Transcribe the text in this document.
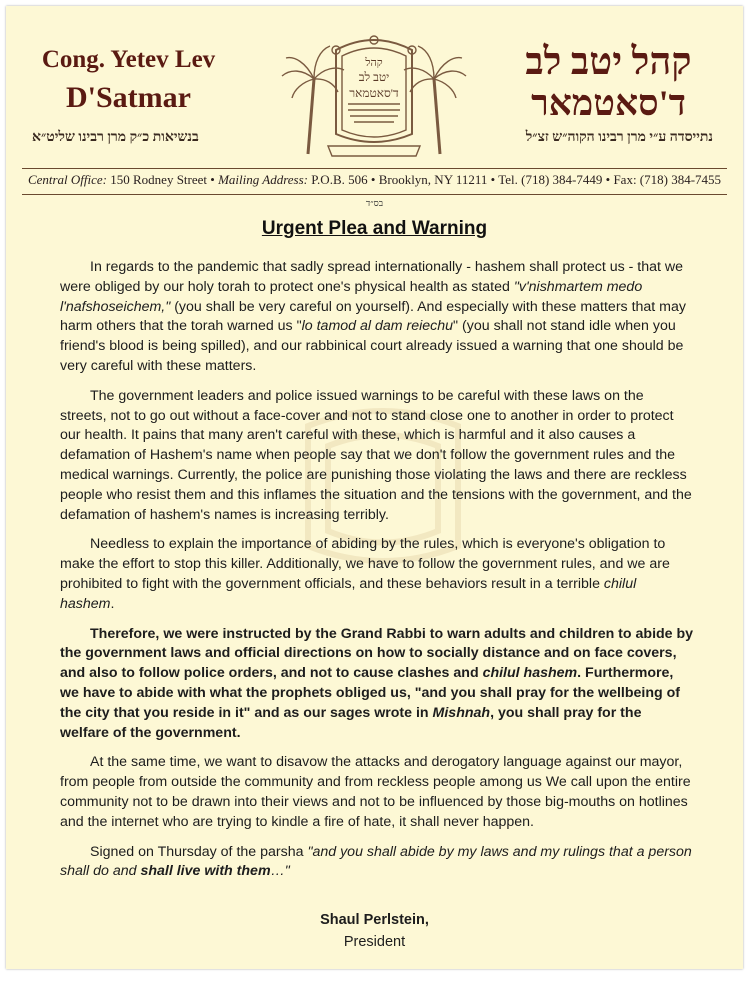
Cong. Yetev Lev
D'Satmar
קהל יטב לב
ד'סאטמאר
בנשיאות כ״ק מרן רבינו שליט״א	נתייסדה ע״י מרן רבינו הקוה״ש זצ״ל
קהל
יטב לב
ד'סאטמאר
Central Office: 150 Rodney Street • Mailing Address: P.O.B. 506 • Brooklyn, NY 11211 • Tel. (718) 384-7449 • Fax: (718) 384-7455
בס״ד
Urgent Plea and Warning

In regards to the pandemic that sadly spread internationally - hashem shall protect us - that we were obliged by our holy torah to protect one's physical health as stated "v'nishmartem medo l'nafshoseichem," (you shall be very careful on yourself). And especially with these matters that may harm others that the torah warned us "lo tamod al dam reiechu" (you shall not stand idle when you friend's blood is being spilled), and our rabbinical court already issued a warning that one should be very careful with these matters.

The government leaders and police issued warnings to be careful with these laws on the streets, not to go out without a face-cover and not to stand close one to another in order to protect our health. It pains that many aren't careful with these, which is harmful and it also causes a defamation of Hashem's name when people say that we don't follow the government rules and the medical warnings. Currently, the police are punishing those violating the laws and there are reckless people who resist them and this inflames the situation and the tensions with the government, and the defamation of hashem's names is increasing terribly.

Needless to explain the importance of abiding by the rules, which is everyone's obligation to make the effort to stop this killer. Additionally, we have to follow the government rules, and we are prohibited to fight with the government officials, and these behaviors result in a terrible chilul hashem.

Therefore, we were instructed by the Grand Rabbi to warn adults and children to abide by the government laws and official directions on how to socially distance and on face covers, and also to follow police orders, and not to cause clashes and chilul hashem. Furthermore, we have to abide with what the prophets obliged us, "and you shall pray for the wellbeing of the city that you reside in it" and as our sages wrote in Mishnah, you shall pray for the welfare of the government.

At the same time, we want to disavow the attacks and derogatory language against our mayor, from people from outside the community and from reckless people among us We call upon the entire community not to be drawn into their views and not to be influenced by those big-mouths on hotlines and the internet who are trying to kindle a fire of hate, it shall never happen.

Signed on Thursday of the parsha "and you shall abide by my laws and my rulings that a person shall do and shall live with them…"

Shaul Perlstein,
President
